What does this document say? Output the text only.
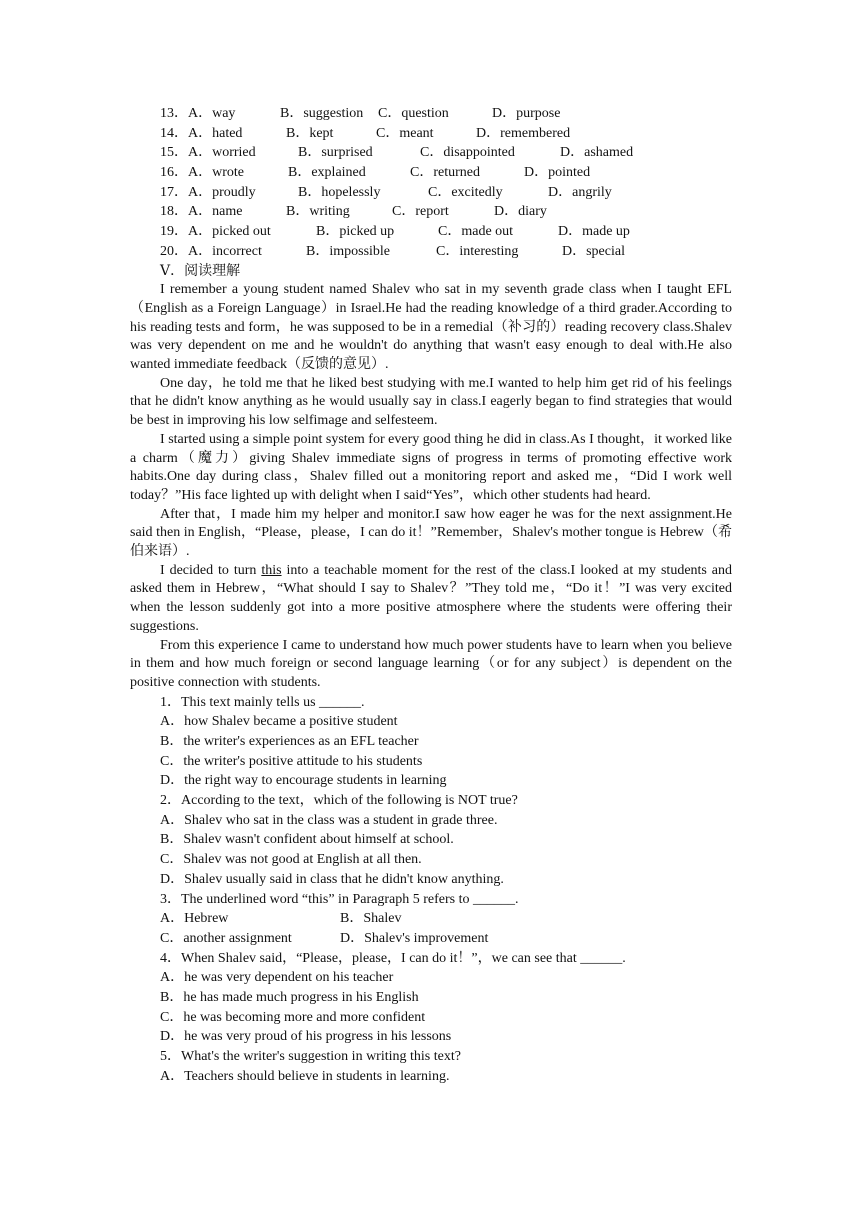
13． A．way	B．suggestion C．question	D．purpose
14． A．hated	B．kept	C．meant	D．remembered
15． A．worried	B．surprised	C．disappointed	D．ashamed
16． A．wrote	B．explained	C．returned	D．pointed
17． A．proudly	B．hopelessly	C．excitedly	D．angrily
18． A．name	B．writing	C．report	D．diary
19． A．picked out	B．picked up	C．made out	D．made up
20． A．incorrect	B．impossible	C．interesting	D．special
Ⅴ．阅读理解

I remember a young student named Shalev who sat in my seventh grade class when I taught EFL（English as a Foreign Language）in Israel.He had the reading knowledge of a third grader.According to his reading tests and form，he was supposed to be in a remedial（补习的）reading recovery class.Shalev was very dependent on me and he wouldn't do anything that wasn't easy enough to deal with.He also wanted immediate feedback（反馈的意见）.

One day，he told me that he liked best studying with me.I wanted to help him get rid of his feelings that he didn't know anything as he would usually say in class.I eagerly began to find strategies that would be best in improving his low selfimage and selfesteem.

I started using a simple point system for every good thing he did in class.As I thought，it worked like a charm（魔力）giving Shalev immediate signs of progress in terms of promoting effective work habits.One day during class，Shalev filled out a monitoring report and asked me，“Did I work well today？”His face lighted up with delight when I said“Yes”，which other students had heard.

After that，I made him my helper and monitor.I saw how eager he was for the next assignment.He said then in English，“Please，please，I can do it！”Remember，Shalev's mother tongue is Hebrew（希伯来语）.

I decided to turn this into a teachable moment for the rest of the class.I looked at my students and asked them in Hebrew，“What should I say to Shalev？”They told me，“Do it！”I was very excited when the lesson suddenly got into a more positive atmosphere where the students were offering their suggestions.

From this experience I came to understand how much power students have to learn when you believe in them and how much foreign or second language learning（or for any subject）is dependent on the positive connection with students.

1．This text mainly tells us ______.
A．how Shalev became a positive student
B．the writer's experiences as an EFL teacher
C．the writer's positive attitude to his students
D．the right way to encourage students in learning
2．According to the text，which of the following is NOT true?
A．Shalev who sat in the class was a student in grade three.
B．Shalev wasn't confident about himself at school.
C．Shalev was not good at English at all then.
D．Shalev usually said in class that he didn't know anything.
3．The underlined word “this” in Paragraph 5 refers to ______.
A．Hebrew	B．Shalev
C．another assignment	D．Shalev's improvement
4．When Shalev said，“Please，please，I can do it！”，we can see that ______.
A．he was very dependent on his teacher
B．he has made much progress in his English
C．he was becoming more and more confident
D．he was very proud of his progress in his lessons
5．What's the writer's suggestion in writing this text?
A．Teachers should believe in students in learning.
